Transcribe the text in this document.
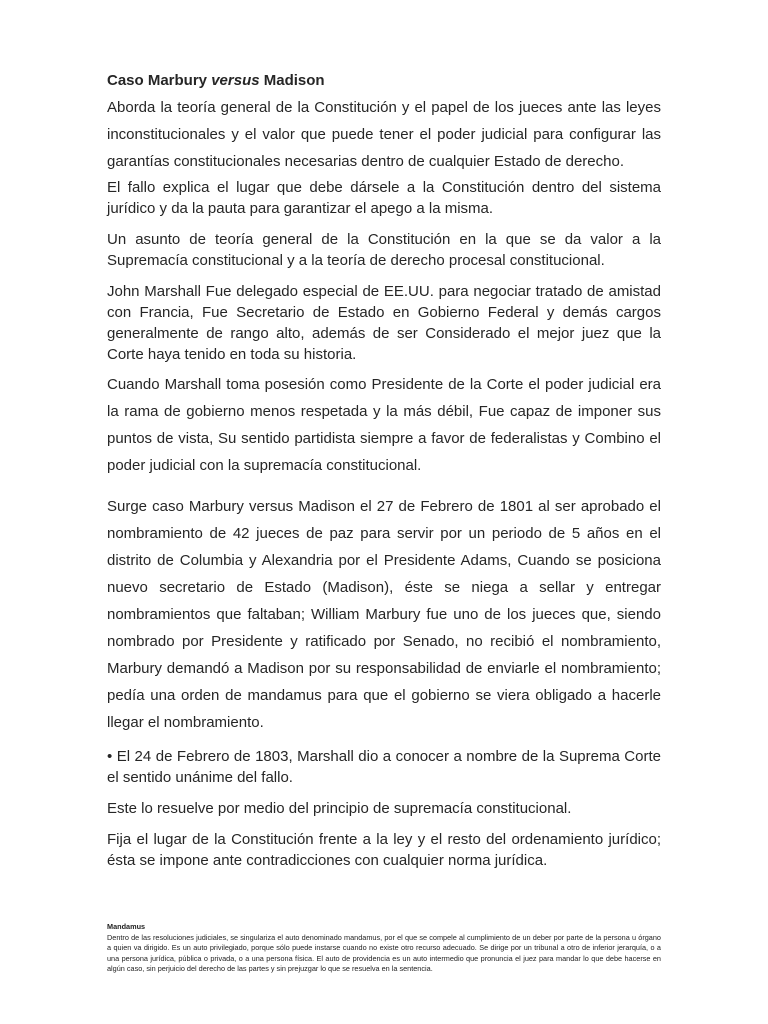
Caso Marbury versus Madison

Aborda la teoría general de la Constitución y el papel de los jueces ante las leyes inconstitucionales y el valor que puede tener el poder judicial para configurar las garantías constitucionales necesarias dentro de cualquier Estado de derecho.

El fallo explica el lugar que debe dársele a la Constitución dentro del sistema jurídico y da la pauta para garantizar el apego a la misma.

Un asunto de teoría general de la Constitución en la que se da valor a la Supremacía constitucional y a la teoría de derecho procesal constitucional.

John Marshall Fue delegado especial de EE.UU. para negociar tratado de amistad con Francia, Fue Secretario de Estado en Gobierno Federal y demás cargos generalmente de rango alto, además de ser Considerado el mejor juez que la Corte haya tenido en toda su historia.

Cuando Marshall toma posesión como Presidente de la Corte el poder judicial era la rama de gobierno menos respetada y la más débil, Fue capaz de imponer sus puntos de vista, Su sentido partidista siempre a favor de federalistas y Combino el poder judicial con la supremacía constitucional.

Surge caso Marbury versus Madison el 27 de Febrero de 1801 al ser aprobado el nombramiento de 42 jueces de paz para servir por un periodo de 5 años en el distrito de Columbia y Alexandria por el Presidente Adams, Cuando se posiciona nuevo secretario de Estado (Madison), éste se niega a sellar y entregar nombramientos que faltaban; William Marbury fue uno de los jueces que, siendo nombrado por Presidente y ratificado por Senado, no recibió el nombramiento, Marbury demandó a Madison por su responsabilidad de enviarle el nombramiento; pedía una orden de mandamus para que el gobierno se viera obligado a hacerle llegar el nombramiento.

• El 24 de Febrero de 1803, Marshall dio a conocer a nombre de la Suprema Corte el sentido unánime del fallo.

Este lo resuelve por medio del principio de supremacía constitucional.

Fija el lugar de la Constitución frente a la ley y el resto del ordenamiento jurídico; ésta se impone ante contradicciones con cualquier norma jurídica.

Mandamus
Dentro de las resoluciones judiciales, se singulariza el auto denominado mandamus, por el que se compele al cumplimiento de un deber por parte de la persona u órgano a quien va dirigido. Es un auto privilegiado, porque sólo puede instarse cuando no existe otro recurso adecuado. Se dirige por un tribunal a otro de inferior jerarquía, o a una persona jurídica, pública o privada, o a una persona física. El auto de providencia es un auto intermedio que pronuncia el juez para mandar lo que debe hacerse en algún caso, sin perjuicio del derecho de las partes y sin prejuzgar lo que se resuelva en la sentencia.
